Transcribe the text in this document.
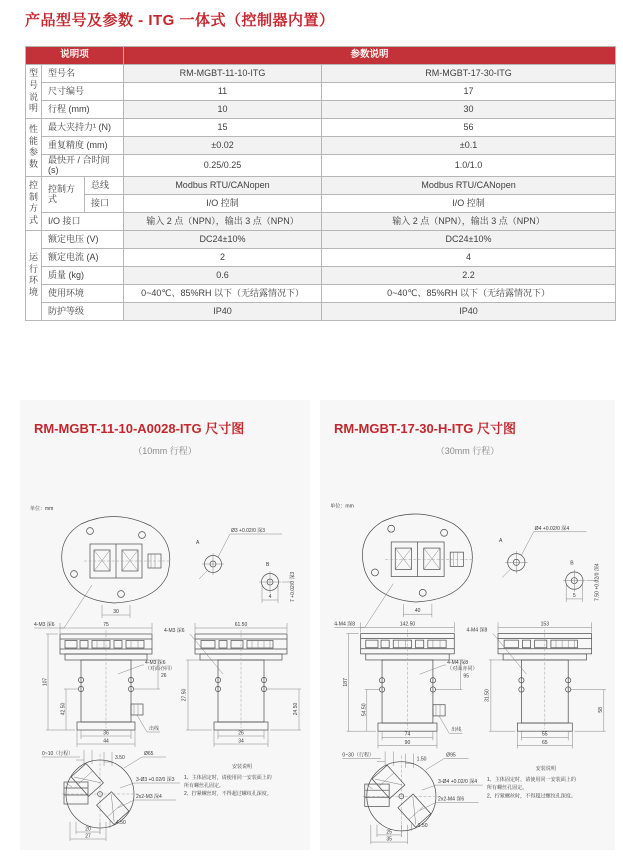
产品型号及参数 - ITG 一体式（控制器内置）
说明项			参数说明	
型号说明	型号名		RM-MGBT-11-10-ITG	RM-MGBT-17-30-ITG
	尺寸编号		11	17
	行程 (mm)		10	30
性能参数	最大夹持力¹ (N)		15	56
	重复精度 (mm)		±0.02	±0.1
	最快开 / 合时间 (s)		0.25/0.25	1.0/1.0
控制方式	控制方式	总线	Modbus RTU/CANopen	Modbus RTU/CANopen
		接口	I/O 控制	I/O 控制
	I/O 接口		输入 2 点（NPN），输出 3 点（NPN）	输入 2 点（NPN），输出 3 点（NPN）
运行环境	额定电压 (V)		DC24±10%	DC24±10%
	额定电流 (A)		2	4
	质量 (kg)		0.6	2.2
	使用环境		0~40℃、85%RH 以下（无结露情况下）	0~40℃、85%RH 以下（无结露情况下）
	防护等级		IP40	IP40
RM-MGBT-11-10-A0028-ITG 尺寸图
（10mm 行程）
单位：mm
30
4-M3 深6
A
Ø3 +0.02/0 深3
B
4	7 +0.02/0 深3
75
107
42.50
26
36
44
出线
4-M3 深6
（对面亦同）
61.50
4-M3 深6
27.50
24.50
26
34
0~10（行程）
3.50
Ø65
3-Ø3 +0.02/0 深3
2x2-M3 深4
4.50
20
27
安装说明
1、主体固定时，请使用同一安装面上的
所有螺丝孔固定。
2、拧紧螺丝时，不得超过螺纹孔深度。
RM-MGBT-17-30-H-ITG 尺寸图
（30mm 行程）
单位：mm
40
4-M4 深8
A
Ø4 +0.02/0 深4
B
5	7.50 +0.02/0 深4
142.50
187
54.50
95
74
90
出线
4-M4 深8
（对面亦同）
153
4-M4 深8
31.50
58
55
65
0~30（行程）
1.50
Ø95
3-Ø4 +0.02/0 深4
2x2-M4 深6
1.50
25
35
安装说明
1、主体固定时，请使用同一安装面上的
所有螺丝孔固定。
2、拧紧螺丝时，不得超过螺纹孔深度。
